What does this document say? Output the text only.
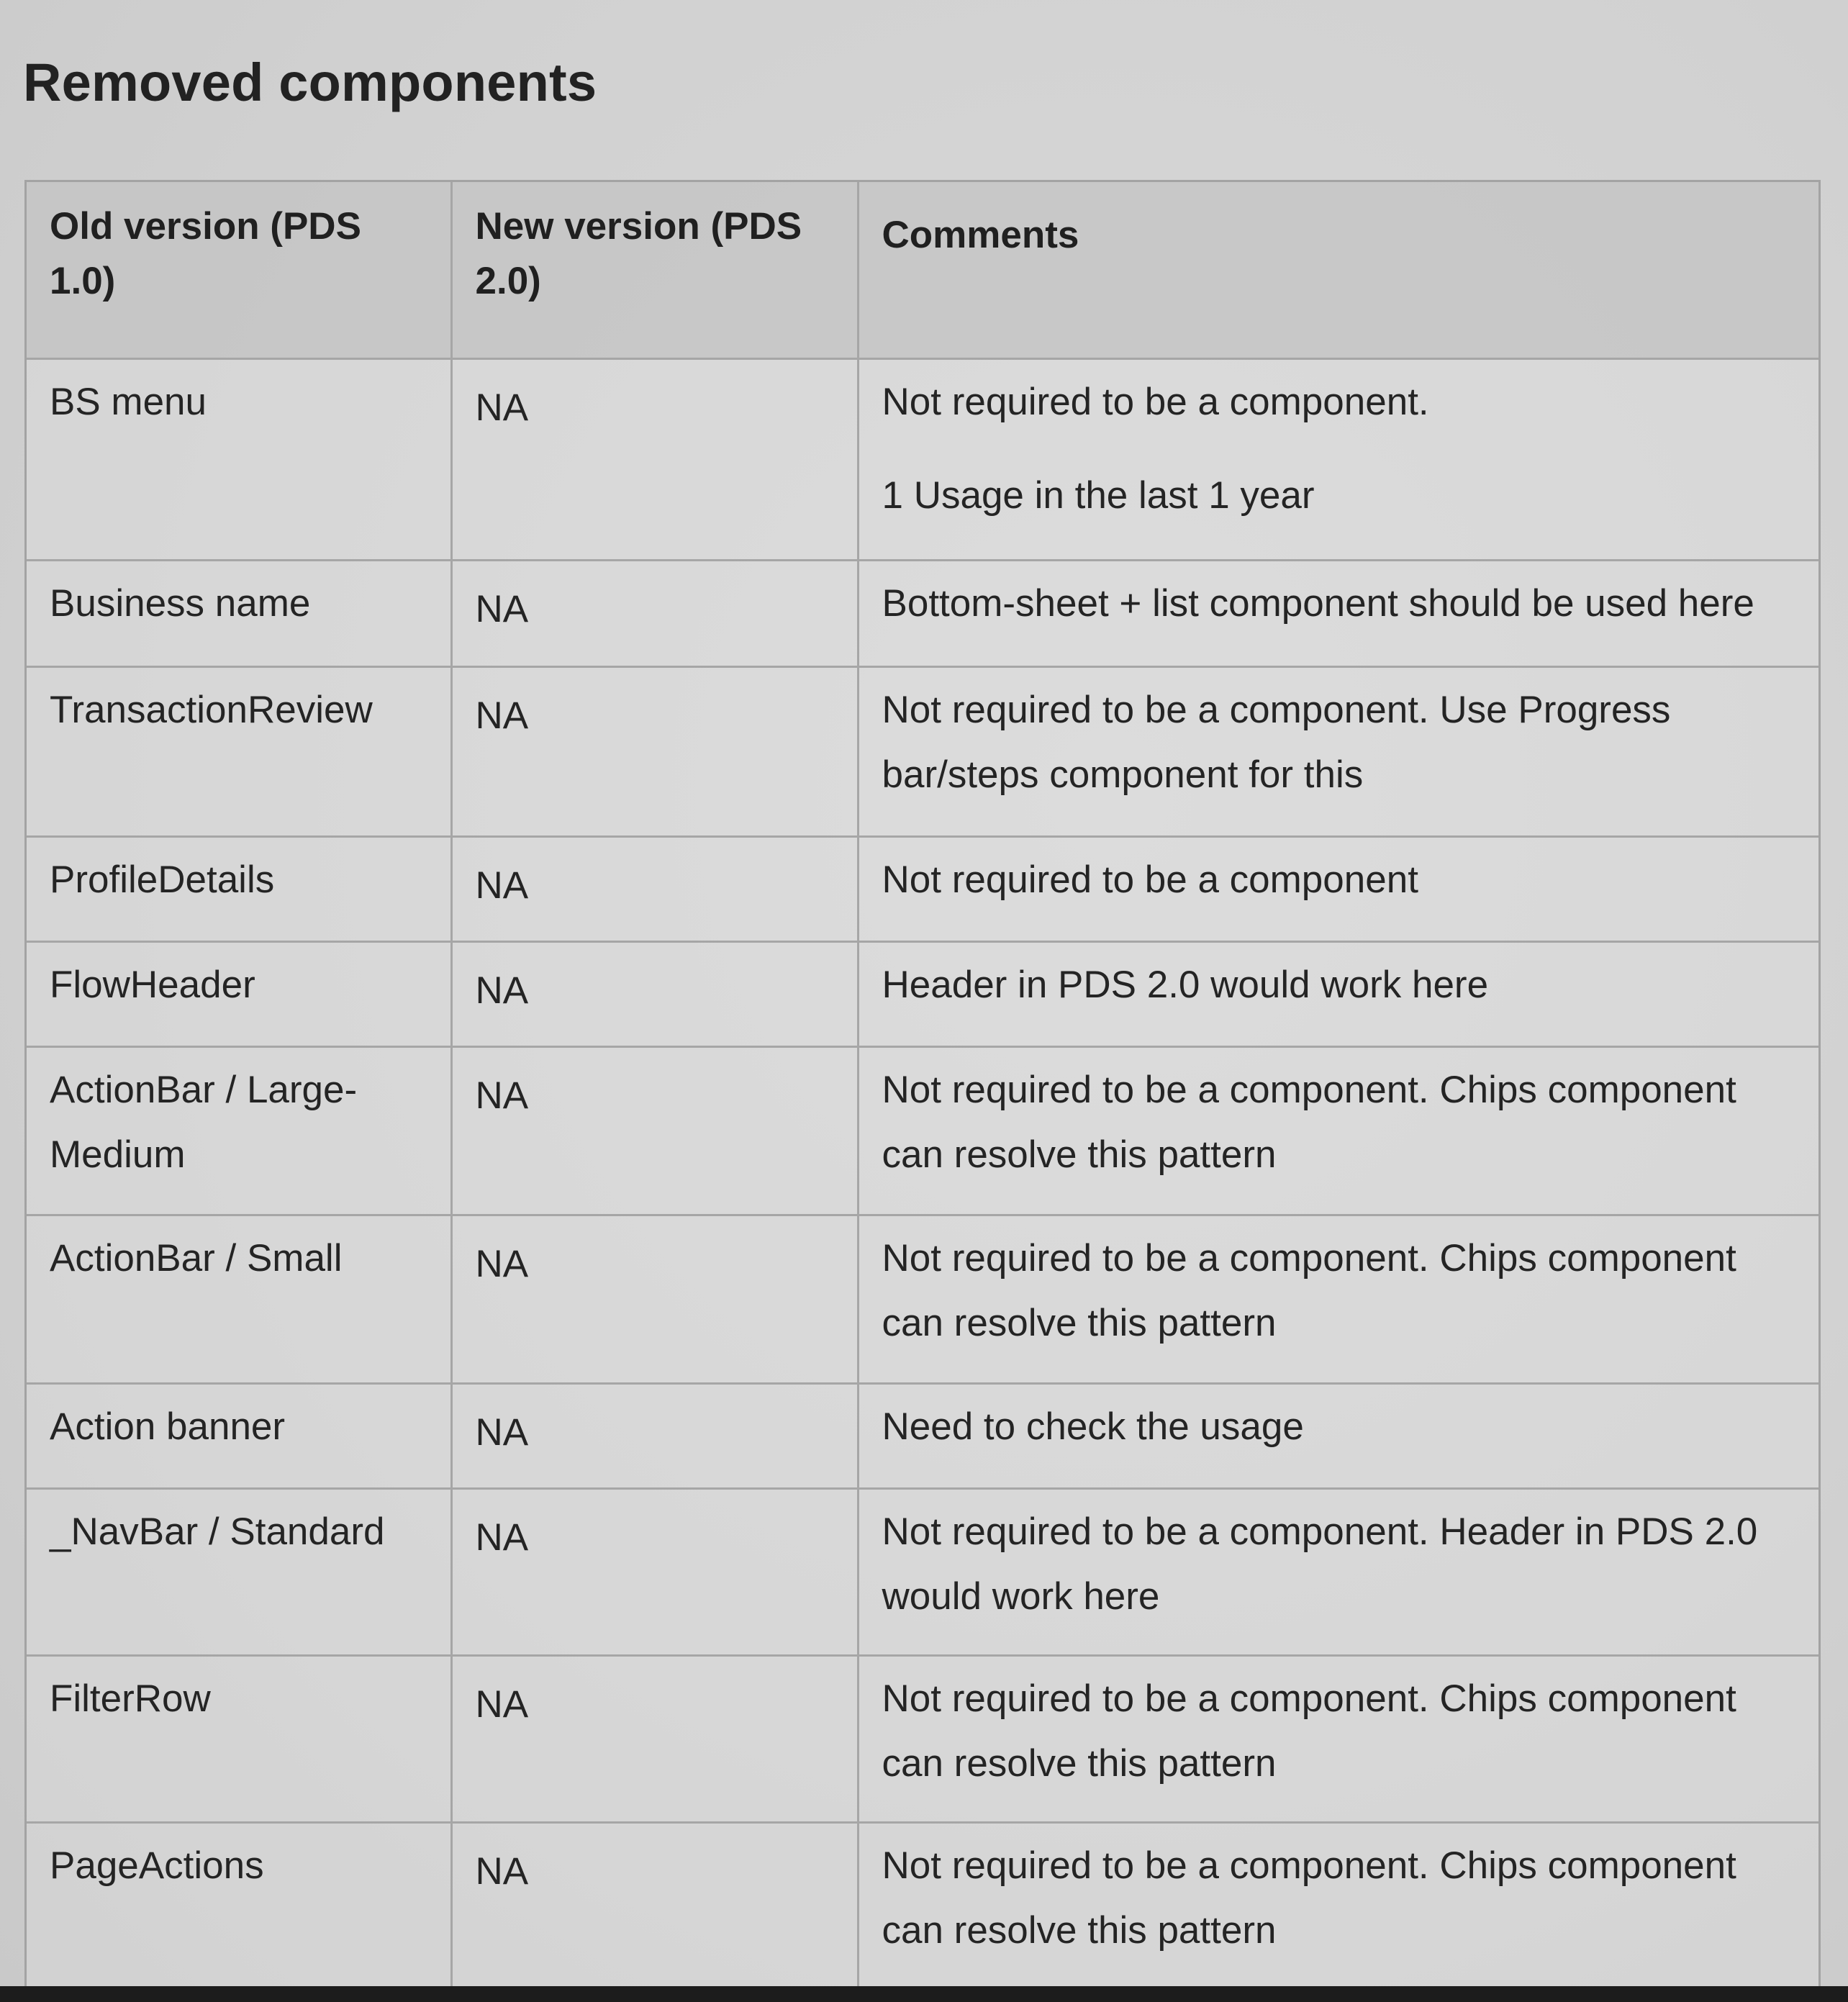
Removed components
Old version (PDS 1.0)	New version (PDS 2.0)	Comments
BS menu	NA	Not required to be a component.

1 Usage in the last 1 year

Business name	NA	Bottom-sheet + list component should be used here
TransactionReview	NA	Not required to be a component. Use Progress bar/steps component for this
ProfileDetails	NA	Not required to be a component
FlowHeader	NA	Header in PDS 2.0 would work here
ActionBar / Large-Medium	NA	Not required to be a component. Chips component can resolve this pattern
ActionBar / Small	NA	Not required to be a component. Chips component can resolve this pattern
Action banner	NA	Need to check the usage
_NavBar / Standard	NA	Not required to be a component. Header in PDS 2.0 would work here
FilterRow	NA	Not required to be a component. Chips component can resolve this pattern
PageActions	NA	Not required to be a component. Chips component can resolve this pattern
